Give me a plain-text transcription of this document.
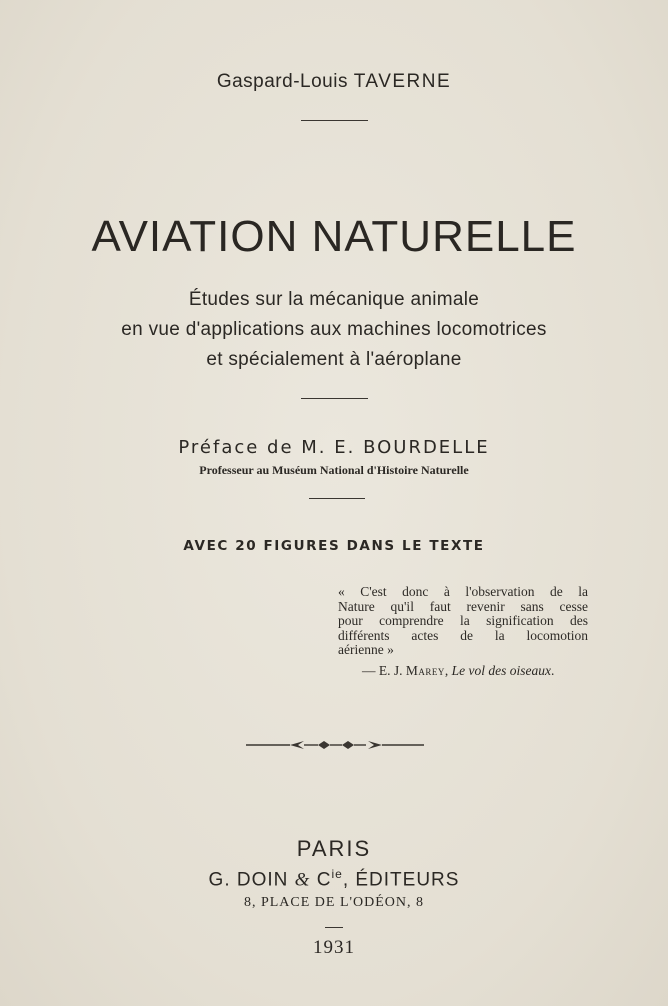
Gaspard-Louis TAVERNE
AVIATION NATURELLE
Études sur la mécanique animale
en vue d'applications aux machines locomotrices
et spécialement à l'aéroplane
Préface de M. E. BOURDELLE
Professeur au Muséum National d'Histoire Naturelle
AVEC 20 FIGURES DANS LE TEXTE
« C'est donc à l'observation de la
Nature qu'il faut revenir sans cesse
pour comprendre la signification des
différents actes de la locomotion
aérienne »
— E. J. Marey, Le vol des oiseaux.
PARIS
G. DOIN & $C^{ie}$, ÉDITEURS
8, PLACE DE L'ODÉON, 8
1931
